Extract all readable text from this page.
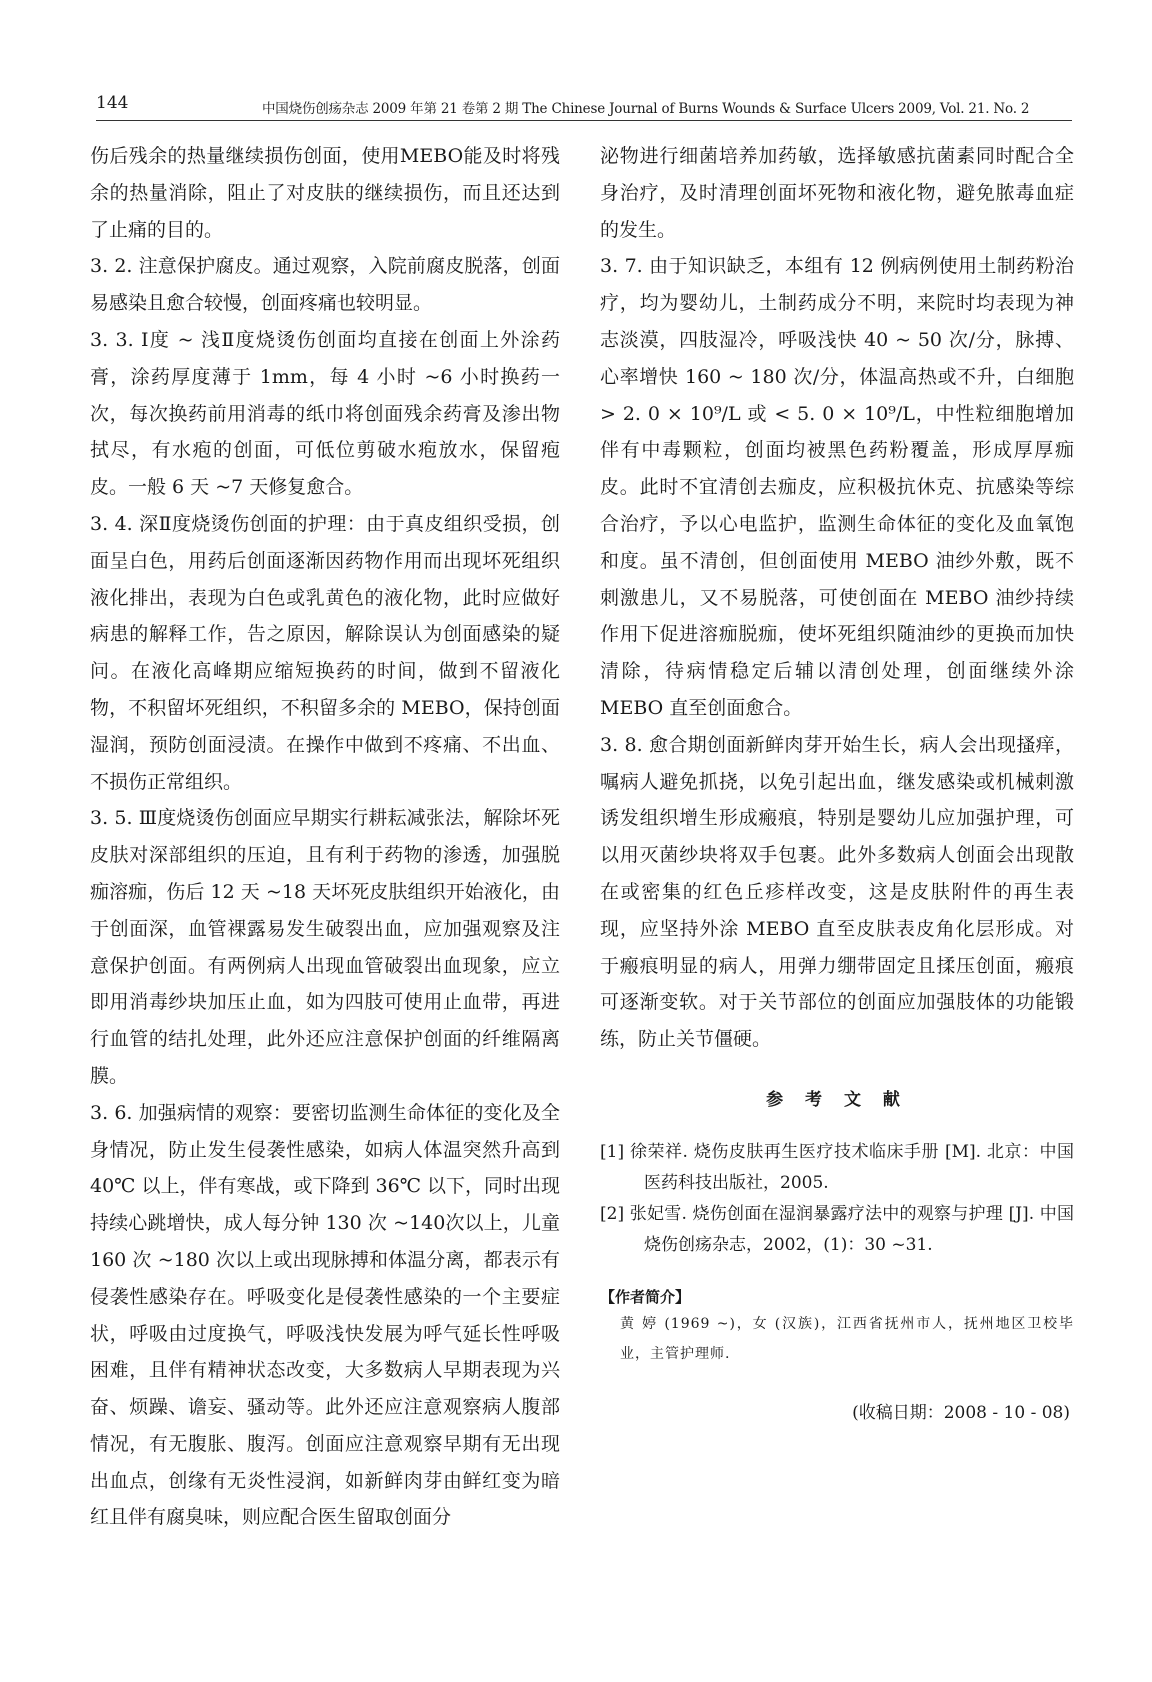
144	中国烧伤创疡杂志 2009 年第 21 卷第 2 期 The Chinese Journal of Burns Wounds & Surface Ulcers 2009, Vol. 21. No. 2

伤后残余的热量继续损伤创面，使用MEBO能及时将残余的热量消除，阻止了对皮肤的继续损伤，而且还达到了止痛的目的。

3. 2. 注意保护腐皮。通过观察，入院前腐皮脱落，创面易感染且愈合较慢，创面疼痛也较明显。

3. 3. Ⅰ度 ~ 浅Ⅱ度烧烫伤创面均直接在创面上外涂药膏，涂药厚度薄于 1mm，每 4 小时 ~6 小时换药一次，每次换药前用消毒的纸巾将创面残余药膏及渗出物拭尽，有水疱的创面，可低位剪破水疱放水，保留疱皮。一般 6 天 ~7 天修复愈合。

3. 4. 深Ⅱ度烧烫伤创面的护理：由于真皮组织受损，创面呈白色，用药后创面逐渐因药物作用而出现坏死组织液化排出，表现为白色或乳黄色的液化物，此时应做好病患的解释工作，告之原因，解除误认为创面感染的疑问。在液化高峰期应缩短换药的时间，做到不留液化物，不积留坏死组织，不积留多余的 MEBO，保持创面湿润，预防创面浸渍。在操作中做到不疼痛、不出血、不损伤正常组织。

3. 5. Ⅲ度烧烫伤创面应早期实行耕耘减张法，解除坏死皮肤对深部组织的压迫，且有利于药物的渗透，加强脱痂溶痂，伤后 12 天 ~18 天坏死皮肤组织开始液化，由于创面深，血管裸露易发生破裂出血，应加强观察及注意保护创面。有两例病人出现血管破裂出血现象，应立即用消毒纱块加压止血，如为四肢可使用止血带，再进行血管的结扎处理，此外还应注意保护创面的纤维隔离膜。

3. 6. 加强病情的观察：要密切监测生命体征的变化及全身情况，防止发生侵袭性感染，如病人体温突然升高到 40℃ 以上，伴有寒战，或下降到 36℃ 以下，同时出现持续心跳增快，成人每分钟 130 次 ~140次以上，儿童 160 次 ~180 次以上或出现脉搏和体温分离，都表示有侵袭性感染存在。呼吸变化是侵袭性感染的一个主要症状，呼吸由过度换气，呼吸浅快发展为呼气延长性呼吸困难，且伴有精神状态改变，大多数病人早期表现为兴奋、烦躁、谵妄、骚动等。此外还应注意观察病人腹部情况，有无腹胀、腹泻。创面应注意观察早期有无出现出血点，创缘有无炎性浸润，如新鲜肉芽由鲜红变为暗红且伴有腐臭味，则应配合医生留取创面分

泌物进行细菌培养加药敏，选择敏感抗菌素同时配合全身治疗，及时清理创面坏死物和液化物，避免脓毒血症的发生。

3. 7. 由于知识缺乏，本组有 12 例病例使用土制药粉治疗，均为婴幼儿，土制药成分不明，来院时均表现为神志淡漠，四肢湿冷，呼吸浅快 40 ~ 50 次/分，脉搏、心率增快 160 ~ 180 次/分，体温高热或不升，白细胞 > 2. 0 × 10⁹/L 或 < 5. 0 × 10⁹/L，中性粒细胞增加伴有中毒颗粒，创面均被黑色药粉覆盖，形成厚厚痂皮。此时不宜清创去痂皮，应积极抗休克、抗感染等综合治疗，予以心电监护，监测生命体征的变化及血氧饱和度。虽不清创，但创面使用 MEBO 油纱外敷，既不刺激患儿，又不易脱落，可使创面在 MEBO 油纱持续作用下促进溶痂脱痂，使坏死组织随油纱的更换而加快清除，待病情稳定后辅以清创处理，创面继续外涂 MEBO 直至创面愈合。

3. 8. 愈合期创面新鲜肉芽开始生长，病人会出现搔痒，嘱病人避免抓挠，以免引起出血，继发感染或机械刺激诱发组织增生形成瘢痕，特别是婴幼儿应加强护理，可以用灭菌纱块将双手包裹。此外多数病人创面会出现散在或密集的红色丘疹样改变，这是皮肤附件的再生表现，应坚持外涂 MEBO 直至皮肤表皮角化层形成。对于瘢痕明显的病人，用弹力绷带固定且揉压创面，瘢痕可逐渐变软。对于关节部位的创面应加强肢体的功能锻练，防止关节僵硬。

参 考 文 献

[1] 徐荣祥. 烧伤皮肤再生医疗技术临床手册 [M]. 北京：中国医药科技出版社，2005.

[2] 张妃雪. 烧伤创面在湿润暴露疗法中的观察与护理 [J]. 中国烧伤创疡杂志，2002，(1)：30 ~31.

【作者简介】
黄 婷 (1969 ~)，女 (汉族)，江西省抚州市人，抚州地区卫校毕业，主管护理师.
(收稿日期：2008 - 10 - 08)
